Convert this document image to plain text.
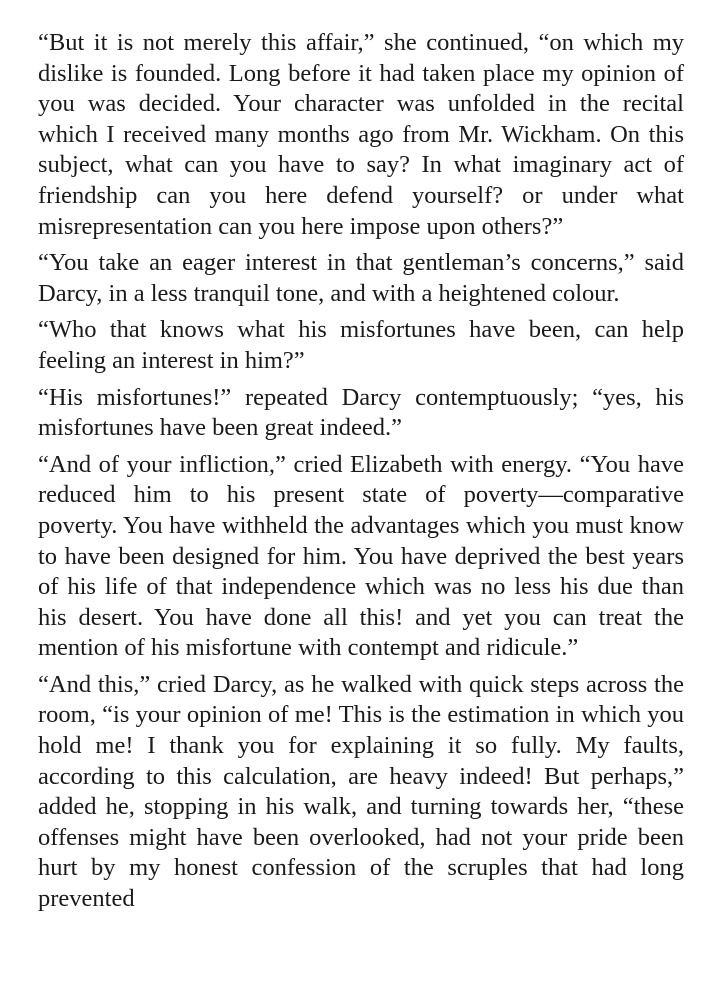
“But it is not merely this affair,” she continued, “on which my dislike is founded. Long before it had taken place my opinion of you was decided. Your character was unfolded in the recital which I received many months ago from Mr. Wickham. On this subject, what can you have to say? In what imaginary act of friendship can you here defend yourself? or under what misrepresentation can you here impose upon others?”

“You take an eager interest in that gentleman’s concerns,” said Darcy, in a less tranquil tone, and with a heightened colour.

“Who that knows what his misfortunes have been, can help feeling an interest in him?”

“His misfortunes!” repeated Darcy contemptuously; “yes, his misfortunes have been great indeed.”

“And of your infliction,” cried Elizabeth with energy. “You have reduced him to his present state of poverty—comparative poverty. You have withheld the advantages which you must know to have been designed for him. You have deprived the best years of his life of that independence which was no less his due than his desert. You have done all this! and yet you can treat the mention of his misfortune with contempt and ridicule.”

“And this,” cried Darcy, as he walked with quick steps across the room, “is your opinion of me! This is the estimation in which you hold me! I thank you for explaining it so fully. My faults, according to this calculation, are heavy indeed! But perhaps,” added he, stopping in his walk, and turning towards her, “these offenses might have been overlooked, had not your pride been hurt by my honest confession of the scruples that had long prevented
